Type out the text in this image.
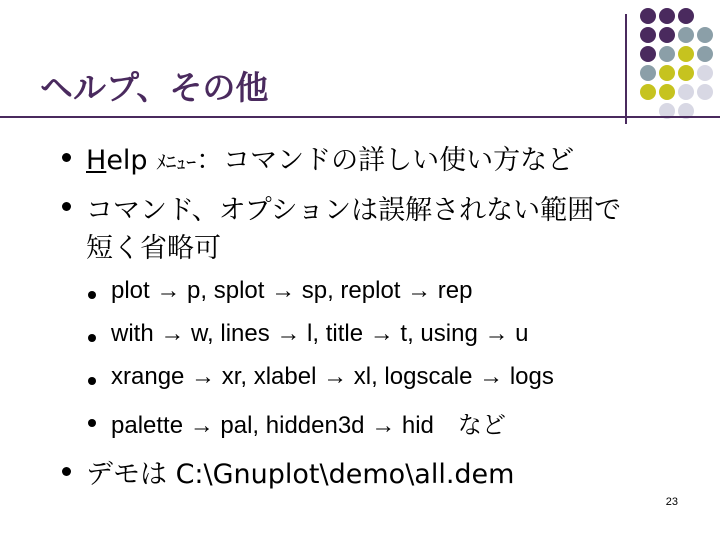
ヘルプ、その他
Help ﾒﾆｭｰ：コマンドの詳しい使い方など
コマンド、オプションは誤解されない範囲で
短く省略可
plot → p, splot → sp, replot → rep
with → w, lines → l, title → t, using → u
xrange → xr, xlabel → xl, logscale → logs
palette → pal, hidden3d → hid　など
デモは C:\Gnuplot\demo\all.dem
23
